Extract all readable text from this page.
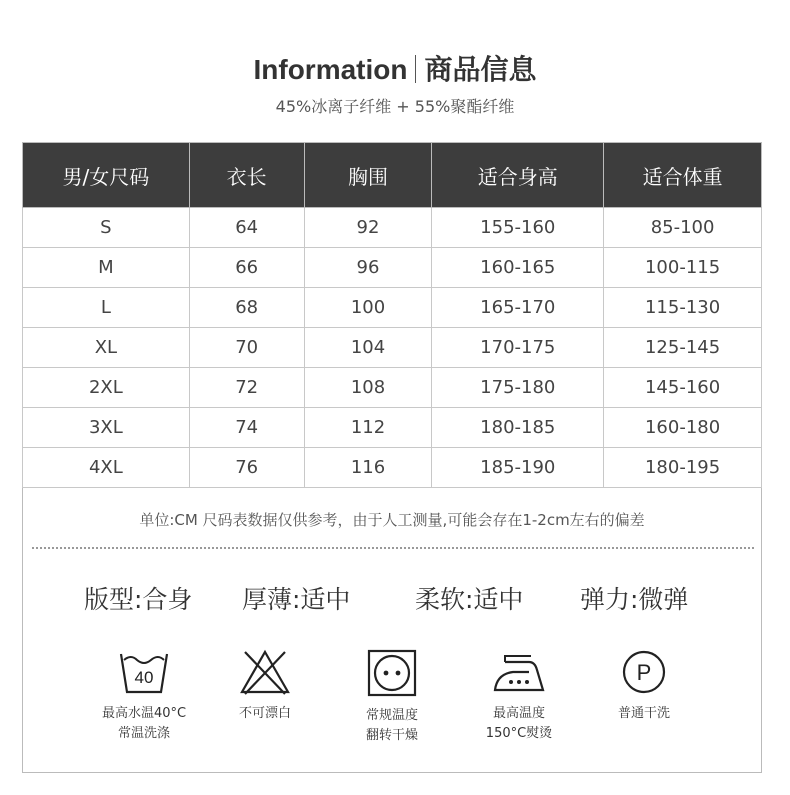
Information 商品信息
45%冰离子纤维 + 55%聚酯纤维
男/女尺码	衣长	胸围	适合身高	适合体重
S	64	92	155-160	85-100
M	66	96	160-165	100-115
L	68	100	165-170	115-130
XL	70	104	170-175	125-145
2XL	72	108	175-180	145-160
3XL	74	112	180-185	160-180
4XL	76	116	185-190	180-195
单位:CM 尺码表数据仅供参考，由于人工测量,可能会存在1-2cm左右的偏差
版型:合身 厚薄:适中	柔软:适中 弹力:微弹
40
最高水温40°C
常温洗涤
不可漂白	常规温度
翻转干燥
最高温度
150°C熨烫
P
普通干洗
